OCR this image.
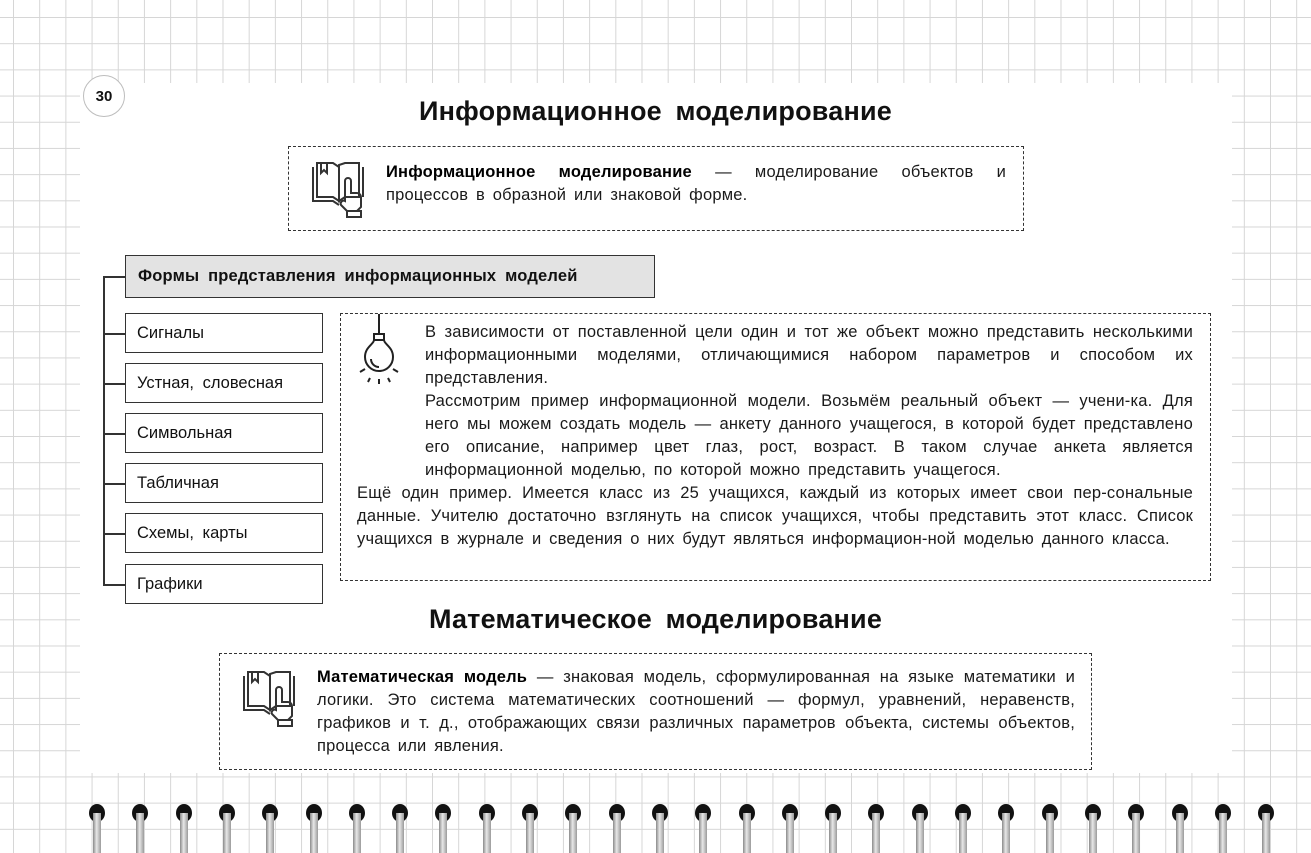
30	Информационное моделирование
Информационное моделирование — моделирование объектов и процессов в образной или знаковой форме.
Формы представления информационных моделей
Сигналы
Устная, словесная
Символьная
Табличная
Схемы, карты
Графики
В зависимости от поставленной цели один и тот же объект можно представить несколькими информационными моделями, отличающимися набором параметров и способом их представления.
Рассмотрим пример информационной модели. Возьмём реальный объект — учени-ка. Для него мы можем создать модель — анкету данного учащегося, в которой будет представлено его описание, например цвет глаз, рост, возраст. В таком случае анкета является информационной моделью, по которой можно представить учащегося.
Ещё один пример. Имеется класс из 25 учащихся, каждый из которых имеет свои пер-сональные данные. Учителю достаточно взглянуть на список учащихся, чтобы представить этот класс. Список учащихся в журнале и сведения о них будут являться информацион-ной моделью данного класса.
Математическое моделирование
Математическая модель — знаковая модель, сформулированная на языке математики и логики. Это система математических соотношений — формул, уравнений, неравенств, графиков и т. д., отображающих связи различных параметров объекта, системы объектов, процесса или явления.
